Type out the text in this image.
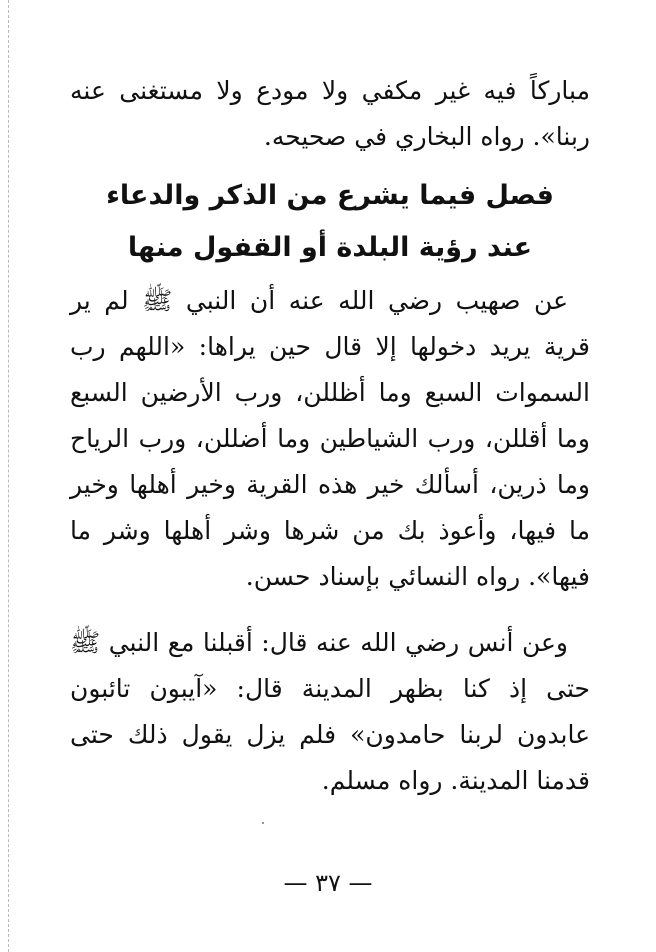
مباركاً فيه غير مكفي ولا مودع ولا مستغنى عنه ربنا». رواه البخاري في صحيحه.

فصل فيما يشرع من الذكر والدعاء
عند رؤية البلدة أو القفول منها

عن صهيب رضي الله عنه أن النبي ﷺ لم ير قرية يريد دخولها إلا قال حين يراها: «اللهم رب السموات السبع وما أظللن، ورب الأرضين السبع وما أقللن، ورب الشياطين وما أضللن، ورب الرياح وما ذرين، أسألك خير هذه القرية وخير أهلها وخير ما فيها، وأعوذ بك من شرها وشر أهلها وشر ما فيها». رواه النسائي بإسناد حسن.

وعن أنس رضي الله عنه قال: أقبلنا مع النبي ﷺ حتى إذ كنا بظهر المدينة قال: «آيبون تائبون عابدون لربنا حامدون» فلم يزل يقول ذلك حتى قدمنا المدينة. رواه مسلم.

— ٣٧ —
